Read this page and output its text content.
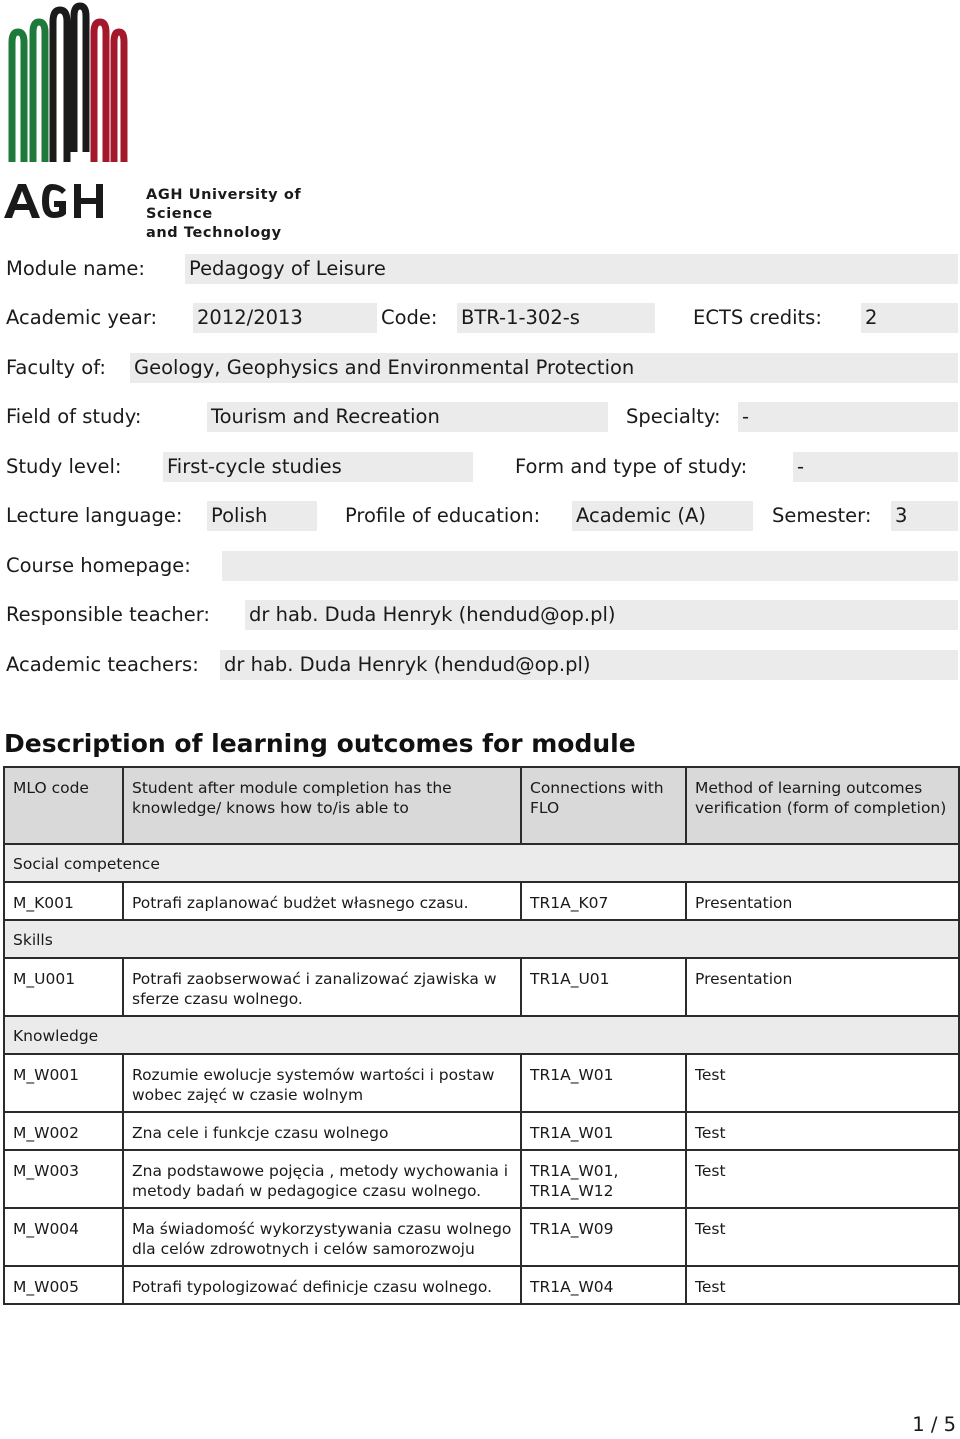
AGH University of Science
and Technology
Module name: Pedagogy of Leisure
Academic year: 2012/2013	Code: BTR-1-302-s	ECTS credits: 2
Faculty of: Geology, Geophysics and Environmental Protection
Field of study:	Tourism and Recreation	Specialty: -
Study level: First-cycle studies	Form and type of study:	-
Lecture language: Polish	Profile of education: Academic (A)	Semester: 3
Course homepage:
Responsible teacher: dr hab. Duda Henryk (hendud@op.pl)
Academic teachers: dr hab. Duda Henryk (hendud@op.pl)
Description of learning outcomes for module
MLO code	Student after module completion has the knowledge/ knows how to/is able to	Connections with FLO	Method of learning outcomes verification (form of completion)
Social competence			
M_K001	Potrafi zaplanować budżet własnego czasu.	TR1A_K07	Presentation
Skills			
M_U001	Potrafi zaobserwować i zanalizować zjawiska w sferze czasu wolnego.	TR1A_U01	Presentation
Knowledge			
M_W001	Rozumie ewolucje systemów wartości i postaw wobec zajęć w czasie wolnym	TR1A_W01	Test
M_W002	Zna cele i funkcje czasu wolnego	TR1A_W01	Test
M_W003	Zna podstawowe pojęcia , metody wychowania i metody badań w pedagogice czasu wolnego.	TR1A_W01, TR1A_W12	Test
M_W004	Ma świadomość wykorzystywania czasu wolnego dla celów zdrowotnych i celów samorozwoju	TR1A_W09	Test
M_W005	Potrafi typologizować definicje czasu wolnego.	TR1A_W04	Test
1 / 5
